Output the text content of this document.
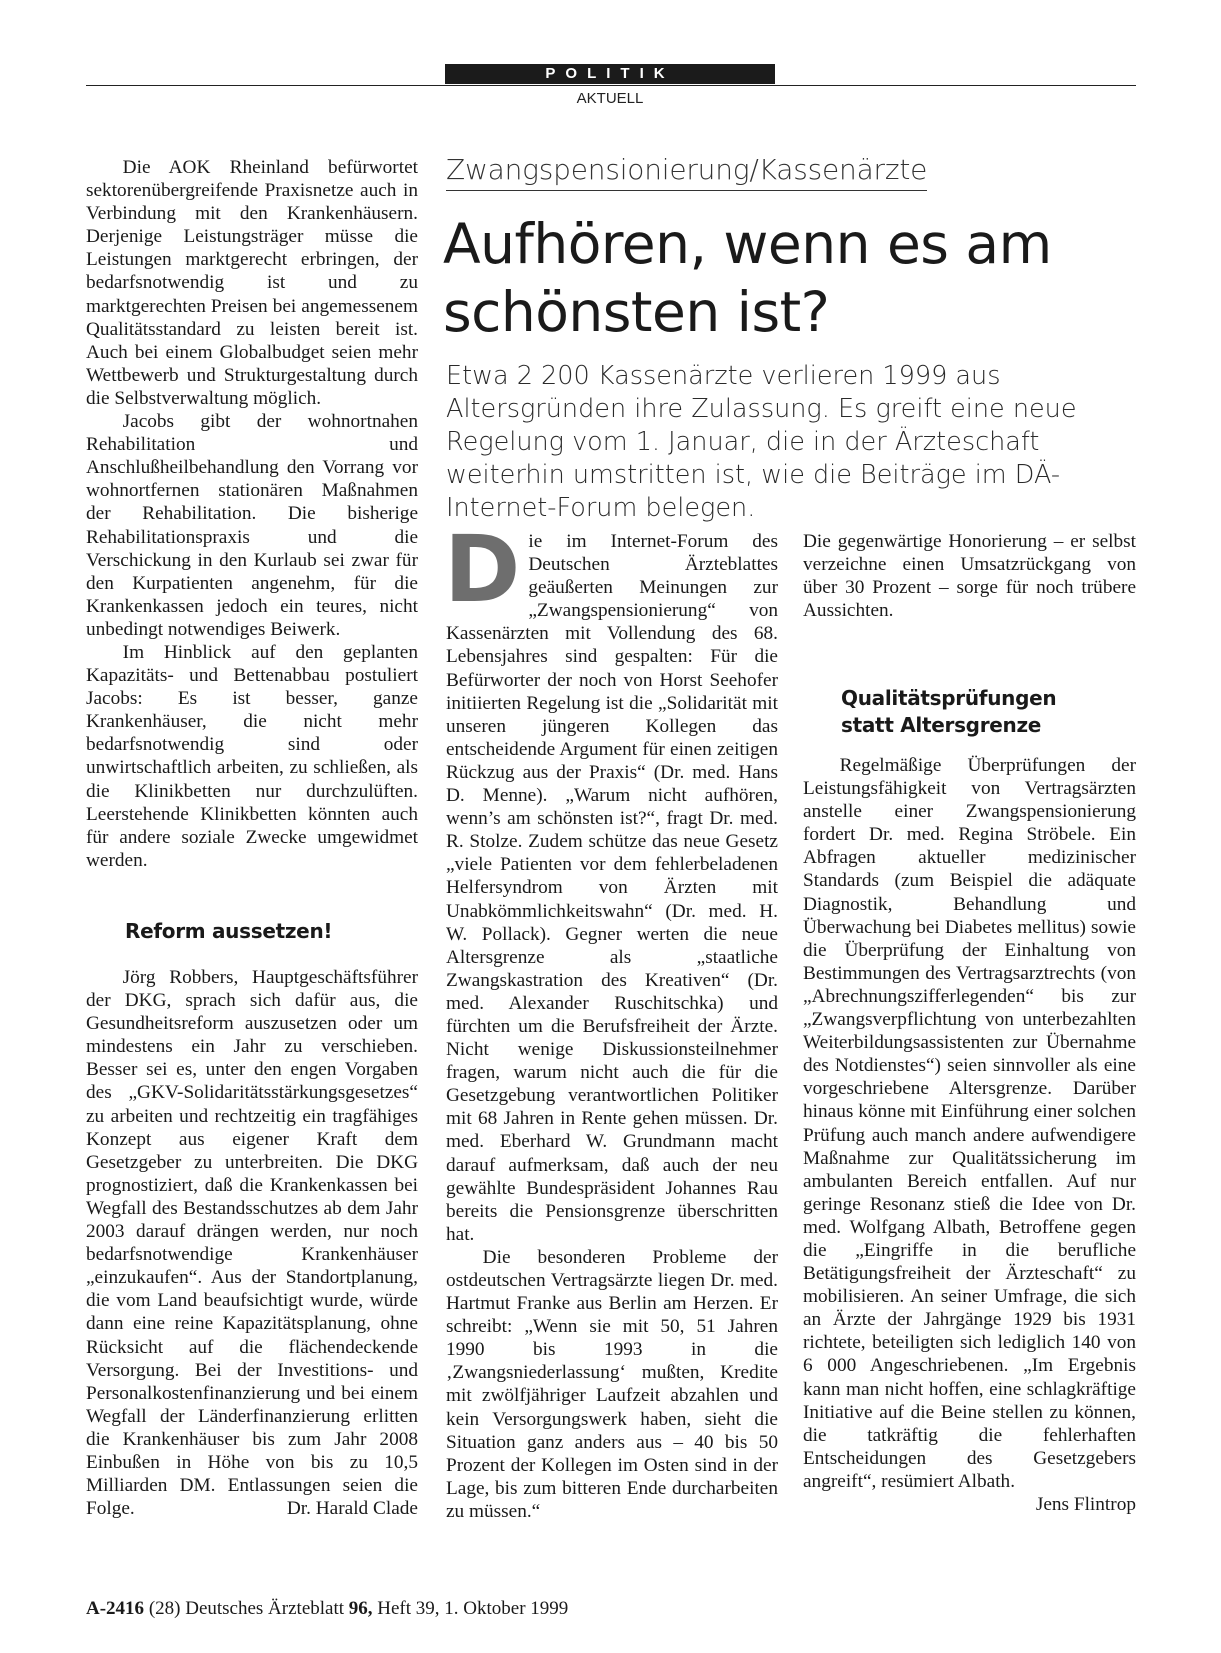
POLITIK
AKTUELL

Die AOK Rheinland befürwortet sektorenübergreifende Praxisnetze auch in Verbindung mit den Krankenhäusern. Derjenige Leistungsträger müsse die Leistungen marktgerecht erbringen, der bedarfsnotwendig ist und zu marktgerechten Preisen bei angemessenem Qualitätsstandard zu leisten bereit ist. Auch bei einem Globalbudget seien mehr Wettbewerb und Strukturgestaltung durch die Selbstverwaltung möglich.

Jacobs gibt der wohnortnahen Rehabilitation und Anschlußheilbehandlung den Vorrang vor wohnortfernen stationären Maßnahmen der Rehabilitation. Die bisherige Rehabilitationspraxis und die Verschickung in den Kurlaub sei zwar für den Kurpatienten angenehm, für die Krankenkassen jedoch ein teures, nicht unbedingt notwendiges Beiwerk.

Im Hinblick auf den geplanten Kapazitäts- und Bettenabbau postuliert Jacobs: Es ist besser, ganze Krankenhäuser, die nicht mehr bedarfsnotwendig sind oder unwirtschaftlich arbeiten, zu schließen, als die Klinikbetten nur durchzulüften. Leerstehende Klinikbetten könnten auch für andere soziale Zwecke umgewidmet werden.

Reform aussetzen!

Jörg Robbers, Hauptgeschäftsführer der DKG, sprach sich dafür aus, die Gesundheitsreform auszusetzen oder um mindestens ein Jahr zu verschieben. Besser sei es, unter den engen Vorgaben des „GKV-Solidaritätsstärkungsgesetzes“ zu arbeiten und rechtzeitig ein tragfähiges Konzept aus eigener Kraft dem Gesetzgeber zu unterbreiten. Die DKG prognostiziert, daß die Krankenkassen bei Wegfall des Bestandsschutzes ab dem Jahr 2003 darauf drängen werden, nur noch bedarfsnotwendige Krankenhäuser „einzukaufen“. Aus der Standortplanung, die vom Land beaufsichtigt wurde, würde dann eine reine Kapazitätsplanung, ohne Rücksicht auf die flächendeckende Versorgung. Bei der Investitions- und Personalkostenfinanzierung und bei einem Wegfall der Länderfinanzierung erlitten die Krankenhäuser bis zum Jahr 2008 Einbußen in Höhe von bis zu 10,5 Milliarden DM. Entlassungen seien die Folge.	Dr. Harald Clade

Zwangspensionierung/Kassenärzte
Aufhören, wenn es am
schönsten ist?
Etwa 2 200 Kassenärzte verlieren 1999 aus Altersgründen ihre Zulassung. Es greift eine neue Regelung vom 1. Januar, die in der Ärzteschaft weiterhin umstritten ist, wie die Beiträge im DÄ-Internet-Forum belegen.

Die im Internet-Forum des Deutschen Ärzteblattes geäußerten Meinungen zur „Zwangspensionierung“ von Kassenärzten mit Vollendung des 68. Lebensjahres sind gespalten: Für die Befürworter der noch von Horst Seehofer initiierten Regelung ist die „Solidarität mit unseren jüngeren Kollegen das entscheidende Argument für einen zeitigen Rückzug aus der Praxis“ (Dr. med. Hans D. Menne). „Warum nicht aufhören, wenn’s am schönsten ist?“, fragt Dr. med. R. Stolze. Zudem schütze das neue Gesetz „viele Patienten vor dem fehlerbeladenen Helfersyndrom von Ärzten mit Unabkömmlichkeitswahn“ (Dr. med. H. W. Pollack). Gegner werten die neue Altersgrenze als „staatliche Zwangskastration des Kreativen“ (Dr. med. Alexander Ruschitschka) und fürchten um die Berufsfreiheit der Ärzte. Nicht wenige Diskussionsteilnehmer fragen, warum nicht auch die für die Gesetzgebung verantwortlichen Politiker mit 68 Jahren in Rente gehen müssen. Dr. med. Eberhard W. Grundmann macht darauf aufmerksam, daß auch der neu gewählte Bundespräsident Johannes Rau bereits die Pensionsgrenze überschritten hat.

Die besonderen Probleme der ostdeutschen Vertragsärzte liegen Dr. med. Hartmut Franke aus Berlin am Herzen. Er schreibt: „Wenn sie mit 50, 51 Jahren 1990 bis 1993 in die ‚Zwangsniederlassung‘ mußten, Kredite mit zwölfjähriger Laufzeit abzahlen und kein Versorgungswerk haben, sieht die Situation ganz anders aus – 40 bis 50 Prozent der Kollegen im Osten sind in der Lage, bis zum bitteren Ende durcharbeiten zu müssen.“

Die gegenwärtige Honorierung – er selbst verzeichne einen Umsatzrückgang von über 30 Prozent – sorge für noch trübere Aussichten.

Qualitätsprüfungen
statt Altersgrenze

Regelmäßige Überprüfungen der Leistungsfähigkeit von Vertragsärzten anstelle einer Zwangspensionierung fordert Dr. med. Regina Ströbele. Ein Abfragen aktueller medizinischer Standards (zum Beispiel die adäquate Diagnostik, Behandlung und Überwachung bei Diabetes mellitus) sowie die Überprüfung der Einhaltung von Bestimmungen des Vertragsarztrechts (von „Abrechnungszifferlegenden“ bis zur „Zwangsverpflichtung von unterbezahlten Weiterbildungsassistenten zur Übernahme des Notdienstes“) seien sinnvoller als eine vorgeschriebene Altersgrenze. Darüber hinaus könne mit Einführung einer solchen Prüfung auch manch andere aufwendigere Maßnahme zur Qualitätssicherung im ambulanten Bereich entfallen. Auf nur geringe Resonanz stieß die Idee von Dr. med. Wolfgang Albath, Betroffene gegen die „Eingriffe in die berufliche Betätigungsfreiheit der Ärzteschaft“ zu mobilisieren. An seiner Umfrage, die sich an Ärzte der Jahrgänge 1929 bis 1931 richtete, beteiligten sich lediglich 140 von 6 000 Angeschriebenen. „Im Ergebnis kann man nicht hoffen, eine schlagkräftige Initiative auf die Beine stellen zu können, die tatkräftig die fehlerhaften Entscheidungen des Gesetzgebers angreift“, resümiert Albath.
Jens Flintrop

A-2416 (28) Deutsches Ärzteblatt 96, Heft 39, 1. Oktober 1999
